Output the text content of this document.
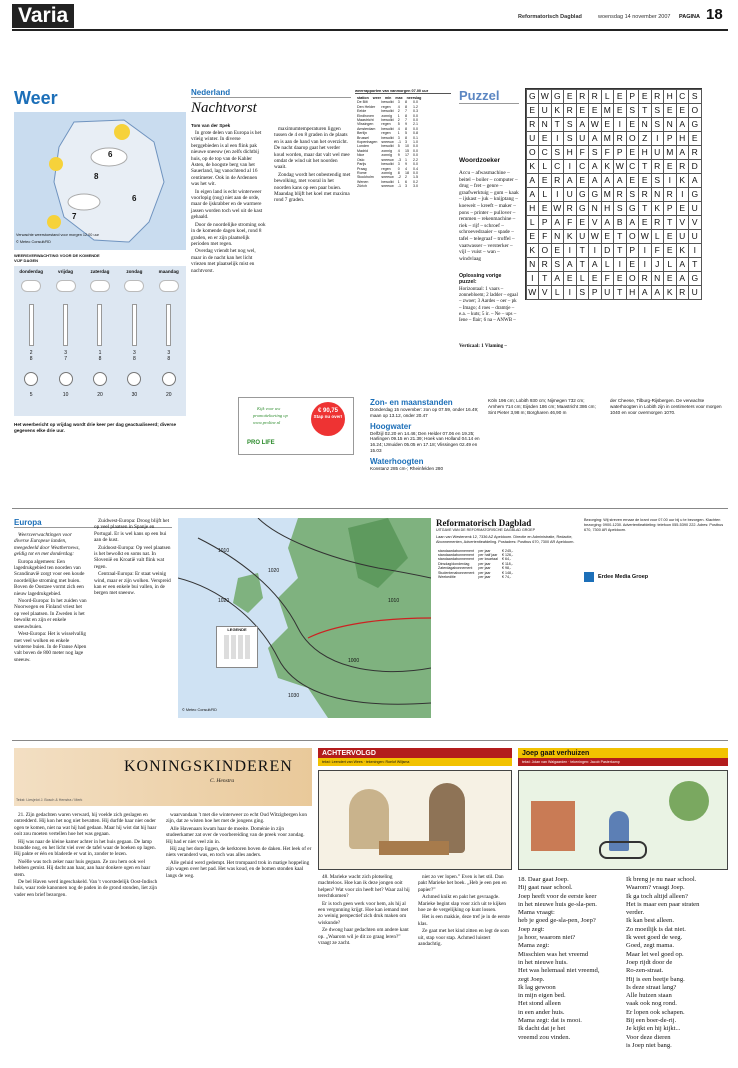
Varia	Reformatorisch Dagblad	woensdag 14 november 2007 PAGINA 18
Weer
6
8
7
6
Verwachte weerstoestand voor morgen 12.00 uur
© Meteo Consult/RD
WEERSVERWACHTING VOOR DE KOMENDE VIJF DAGEN
donderdag
2
8
5
vrijdag
3
7
10
zaterdag
1
8
20
zondag
3
8
30
maandag
3
8
20
Het weerbericht op vrijdag wordt drie keer per dag geactualiseerd; diverse gegevens elke drie uur.
Nederland
Nachtvorst
Tom van der Spek

In grote delen van Europa is het vrieig winter. In diverse berggebieden is al een flink pak nieuwe sneeuw (en zelfs dichtbij huis, op de top van de Kahler Asten, de hoogste berg van het Sauerland, lag vanochtend al 16 centimeter. Ook in de Ardennen was het wit.

In eigen land is echt winterweer voorlopig (nog) niet aan de orde, maar de ijskrabber en de warmere jassen worden toch wel uit de kast gehaald.

Door de noordelijke stroming ook in de komende dagen koel, rond 8 graden, en er zijn plaatselijk perioden met regen.

Overdag vriendt het nog wel, maar in de nacht kan het licht vriezen met plaatselijk mist en nachtvorst.

maximumtemperaturen liggen tussen de 4 en 8 graden in de plaats en is aan de hand van het overzicht. De nacht daarop gaat het verder koud worden, maar dat valt wel mee omdat de wind uit het noorden waait.

Zondag wordt het onbestendig met bewolking, met vooral in het noorden kans op een paar buien. Maandag blijft het koel met maxima rond 7 graden.

weerrapporten van vanmorgen 07.00 uur
station	weer	min	max	neerslag
De Bilt	bewolkt	3	8	0.0
Den Helder	regen	4	8	1.2
Eelde	bewolkt	2	7	0.3
Eindhoven	zonnig	1	8	0.0
Maastricht	bewolkt	2	7	0.0
Vlissingen	regen	5	9	2.1
Amsterdam	bewolkt	4	8	0.0
Berlijn	regen	1	5	0.8
Brussel	bewolkt	3	8	0.1
Kopenhagen	sneeuw	-1	3	1.0
Londen	bewolkt	5	10	0.0
Madrid	zonnig	4	15	0.0
Nice	zonnig	9	17	0.0
Oslo	sneeuw	-3	1	2.2
Parijs	bewolkt	3	9	0.0
Praag	regen	0	4	0.4
Rome	zonnig	8	18	0.0
Stockholm	sneeuw	-2	2	1.5
Wenen	bewolkt	1	6	0.2
Zürich	sneeuw	-1	3	3.0
Puzzel	G W G E R R L E P E R H C S
E U K R E E M E S T S E E O
R N T S A W E I E N S N A G
U E I S U A M R O Z	I P H E
O C S H F S F P E H U M A R
K L C I C A K W C T R E R D
A E R A E A A A E E S I K A
A L	I U G G M R S R N R I G
H E W R G N H S G T K P E U
L P A F E V A B A E R T V V
E F N K U W E T O W L E U U
K O E I	T	I D T P I	F E K I
N R S A T A L	I E I	J L A T
I	T A E L E F E O R N E A G
W V L	I S P U T H A A K R U
Woordzoeker
Accu – afwasmachine – beitel – boiler – computer – drug – fret – genre – graafwerktuig – gum – kaak – ijskast – juk – knijptang – koeweit – kreeft – maker – pons – printer – pullover – remmen – rekenmachine – riek – rijf – schroef – schroevedraaier – spade – tafel – telegraaf – troffel – vaatwasser – versterker – vijl – vuist – wan – windvlaag
Oplossing vorige puzzel:
Horizontaal: 1 vaars – zonnebloem; 2 ladder – egaal – zwoer; 3 Aardes – oer – pk – Imago; 4 roes – dramtje – e.a. – kuts; 5 ir. – Ne – ups – Iene – flair; 6 na – ANWB –
Verticaal: 1 Vlaming –
Kijk voor uw
promotiekorting op
www.proline.nl
€ 90,75
Stap nu over!
PRO LIFE
Zon- en maanstanden
Donderdag 15 november: zon op 07.59, onder 16.49; maan op 13.12, onder 20.47
Hoogwater
Delfzijl 02.20 en 14.46; Den Helder 07.06 en 19.25; Harlingen 09.15 en 21.39; Hoek van Holland 04.14 en 16.24; IJmuiden 05.05 en 17.18; Vlissingen 02.49 en 15.03
Waterhoogten
Konstanz 285 cm-; Rheinfelden 280
Köln 196 cm; Lobith 930 cm; Nijmegen 732 cm; Arnhem 714 cm; Eijsden 186 cm; Maastricht 386 cm; Sint Pieter 3,98 m; Borgharen 46,90 m
der Cheese, Tilburg-Rijsbergen. De verwachte waterhoogten in Lobith zijn in centimeters voor morgen 1040 en voor overmorgen 1070.
Europa

Weersverwachtingen voor diverse Europese landen, meegedeeld door Weathernews, geldig tot en met donderdag:

Europa algemeen: Een lagedrukgebied ten noorden van Scandinavië zorgt voor een koude noordelijke stroming met buien. Boven de Oostzee vormt zich een nieuw lagedrukgebied.

Noord-Europa: In het zuiden van Noorwegen en Finland vriest het op veel plaatsen. In Zweden is het bewolkt en zijn er enkele sneeuwbuien.

West-Europa: Het is wisselvallig met veel wolken en enkele winterse buien. In de Franse Alpen valt boven de 800 meter nog lage sneeuw.

Zuidwest-Europa: Droog blijft het op veel plaatsen in Spanje en Portugal. Er is wel kans op een bui aan de kust.

Zuidoost-Europa: Op veel plaatsen is het bewolkt en soms nat. In Slovenië en Kroatië valt flink wat regen.

Centraal-Europa: Er staat weinig wind, maar er zijn wolken. Verspreid kan er een enkele bui vallen, in de bergen met sneeuw.

1010
1020
1020	1010
1000
1030
LEGENDE
© Meteo Consult/RD
Reformatorisch Dagblad
UITGAVE VAN DE REFORMATORISCHE DAGBLAD GROEP
Laan van Westenenk 12, 7336 AZ Apeldoorn. Directie en Administratie, Redactie, Abonnementen, Advertentieafdeling. Postadres: Postbus 670, 7300 AR Apeldoorn.
standaardabonnement	per jaar	€ 245,-
standaardabonnement	per half jaar	€ 126,-
standaardabonnement	per kwartaal	€ 64,-
Dinsdag/donderdag	per jaar	€ 118,-
Zaterdagabonnement	per jaar	€ 98,-
Studentenabonnement	per jaar	€ 148,-
Weekeditie	per jaar	€ 74,-
Bezorging: Wij streven ernaar de krant voor 07.00 uur bij u te bezorgen. Klachten bezorging: 0900-1230. Advertentieafdeling: telefoon 055-5390 222. Adres: Postbus 670, 7300 AR Apeldoorn.
Erdee Media Groep
KONINGSKINDEREN
C. Henstra
Tekst: Liesjelot J. Bosch & Henstra / Merk

21. Zijn gedachten waren verward, hij voelde zich geslagen en ontredderd. Hij kon het nog niet bevatten. Hij durfde haar niet onder ogen te komen, niet na wat hij had gedaan. Maar hij wist dat hij haar ooit zou moeten vertellen hoe het was gegaan.

Hij was naar de kleine kamer achter in het huis gegaan. De lamp brandde nog, en het licht viel over de tafel waar de boeken op lagen. Hij pakte er één en bladerde er wat in, zonder te lezen.

Noëlle was toch zeker naar huis gegaan. Ze zou hem ook wel hebben gemist. Hij dacht aan haar, aan haar donkere ogen en haar stem.

De bel Haven werd ingeschakeld. Van 't voorstedelijk Oost-Indisch huis, waar rode kanonnen nog de paden in de grond stonden, liet zijn vader een brief bezorgen.

waarvandaan 't met die winterweer zo echt Oud Witzigbergen kon zijn, dat ze wisten hoe het met de jongens ging.

Alle Havenaars kwam haar de moeite. Doménie in zijn studeerkamer zat over de voorbereiding van de preek voor zondag. Hij had er niet veel zin in.

Hij zag het dorp liggen, de kerktoren boven de daken. Het leek of er niets veranderd was, en toch was alles anders.

Alle geluid werd gedempt. Het trompaard trok in matige hoppeling zijn wagen over het pad. Het was koud, en de bomen stonden kaal langs de weg.

ACHTERVOLGD
tekst: Leendert van Wees · tekeningen: Roelof Wiljsma

48. Marieke wacht zich plotseling machteloos. Hoe kan ik deze jongen ooit helpen? Wat voor zin heeft het? Waar zal hij terechtkomen?

Er is toch geen werk voor hem, als hij al een vergunning krijgt. Hoe kan iemand met zo weinig perspectief zich druk maken om wiskunde?

Ze dwong haar gedachten om andere kant op. „Waarom wil je dit zo graag leren?” vraagt ze zacht.

niet zo ver lopen.” Even is het stil. Dan pakt Marieke het boek. „Heb je een pen en papier?”

Achmed knikt en pakt het gevraagde. Marieke begint slap voor zich uit te kijken hoe ze de vergelijking op kunt lossen.

Het is een makkie, deze tref je in de eerste klas.

Ze gaat met het kind zitten en legt de som uit, stap voor stap. Achmed luistert aandachtig.

Joep gaat verhuizen
tekst: Jolan van Walgaarden · tekeningen: Jacob Pasterkamp
18. Daar gaat Joep.
Hij gaat naar school.
Joep heeft voor de eerste keer
in het nieuwe huis ge-sla-pen.
Mama vraagt:
heb je goed ge-sla-pen, Joep?
Joep zegt:
ja hoor, waarom niet?
Mama zegt:
Misschien was het vreemd
in het nieuwe huis.
Het was helemaal niet vreemd,
zegt Joep.
Ik lag gewoon
in mijn eigen bed.
Het stond alleen
in een ander huis.
Mama zegt: dat is mooi.
Ik dacht dat je het
vreemd zou vinden.
Ik breng je nu naar school.
Waarom? vraagt Joep.
Ik ga toch altijd alleen?
Het is maar een paar straten
verder.
Ik kan best alleen.
Zo moeilijk is dat niet.
Ik weet goed de weg.
Goed, zegt mama.
Maar let wel goed op.
Joep rijdt door de
Ro-zen-straat.
Hij is een beetje bang.
Is deze straat lang?
Alle huizen staan
vaak ook nog rond.
Er lopen ook schapen.
Bij een boer-de-rij.
Je kijkt en hij kijkt...
Voor deze dieren
is Joep niet bang.
